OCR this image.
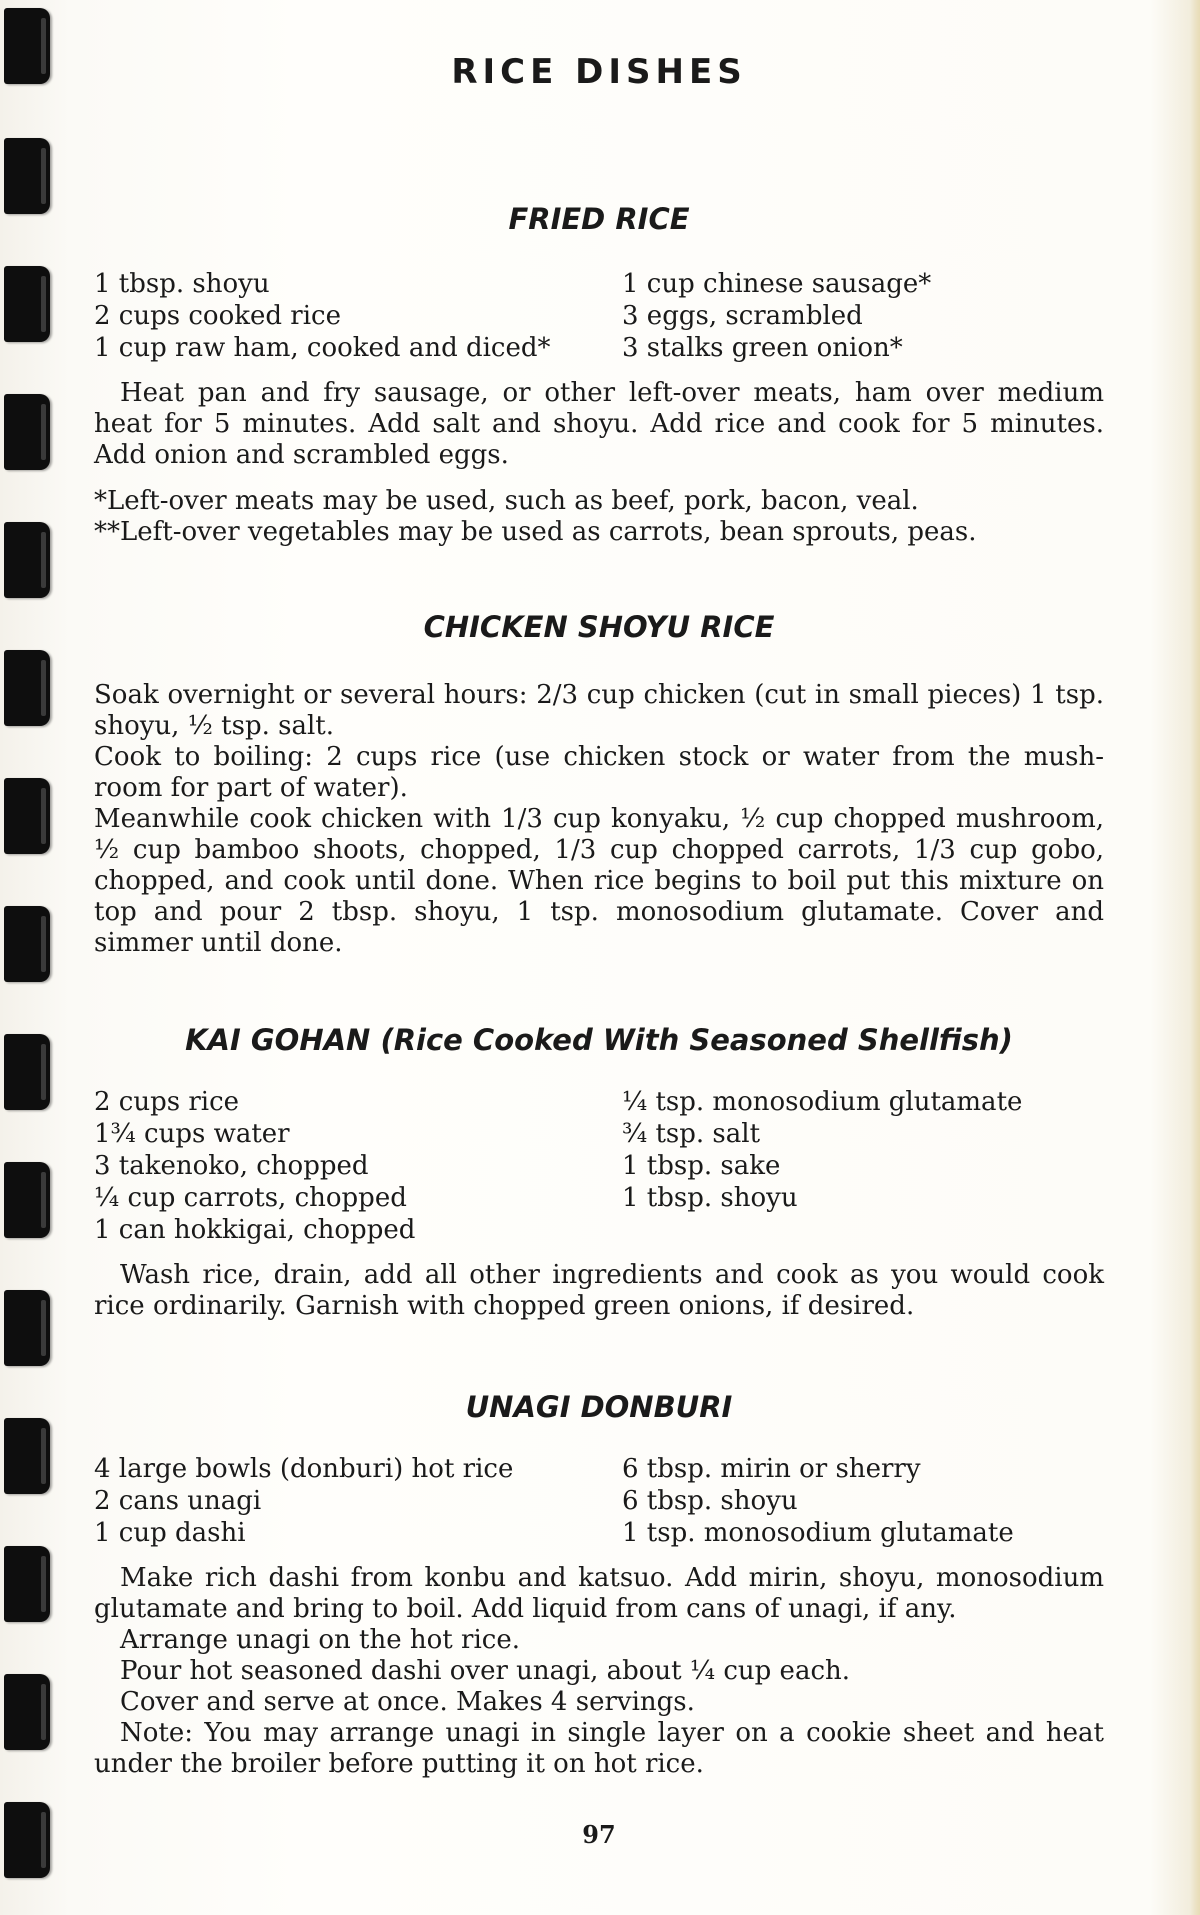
RICE DISHES
FRIED RICE
1 tbsp. shoyu
2 cups cooked rice
1 cup raw ham, cooked and diced*
1 cup chinese sausage*
3 eggs, scrambled
3 stalks green onion*

Heat pan and fry sausage, or other left-over meats, ham over medium heat for 5 minutes. Add salt and shoyu. Add rice and cook for 5 minutes. Add onion and scrambled eggs.

*Left-over meats may be used, such as beef, pork, bacon, veal.

**Left-over vegetables may be used as carrots, bean sprouts, peas.

CHICKEN SHOYU RICE

Soak overnight or several hours: 2/3 cup chicken (cut in small pieces) 1 tsp. shoyu, ½ tsp. salt.

Cook to boiling: 2 cups rice (use chicken stock or water from the mush-room for part of water).

Meanwhile cook chicken with 1/3 cup konyaku, ½ cup chopped mushroom, ½ cup bamboo shoots, chopped, 1/3 cup chopped carrots, 1/3 cup gobo, chopped, and cook until done. When rice begins to boil put this mixture on top and pour 2 tbsp. shoyu, 1 tsp. monosodium glutamate. Cover and simmer until done.

KAI GOHAN (Rice Cooked With Seasoned Shellfish)
2 cups rice
1¾ cups water
3 takenoko, chopped
¼ cup carrots, chopped
1 can hokkigai, chopped
¼ tsp. monosodium glutamate
¾ tsp. salt
1 tbsp. sake
1 tbsp. shoyu

Wash rice, drain, add all other ingredients and cook as you would cook rice ordinarily. Garnish with chopped green onions, if desired.

UNAGI DONBURI
4 large bowls (donburi) hot rice
2 cans unagi
1 cup dashi
6 tbsp. mirin or sherry
6 tbsp. shoyu
1 tsp. monosodium glutamate

Make rich dashi from konbu and katsuo. Add mirin, shoyu, monosodium glutamate and bring to boil. Add liquid from cans of unagi, if any.

Arrange unagi on the hot rice.

Pour hot seasoned dashi over unagi, about ¼ cup each.

Cover and serve at once. Makes 4 servings.

Note: You may arrange unagi in single layer on a cookie sheet and heat under the broiler before putting it on hot rice.

97
